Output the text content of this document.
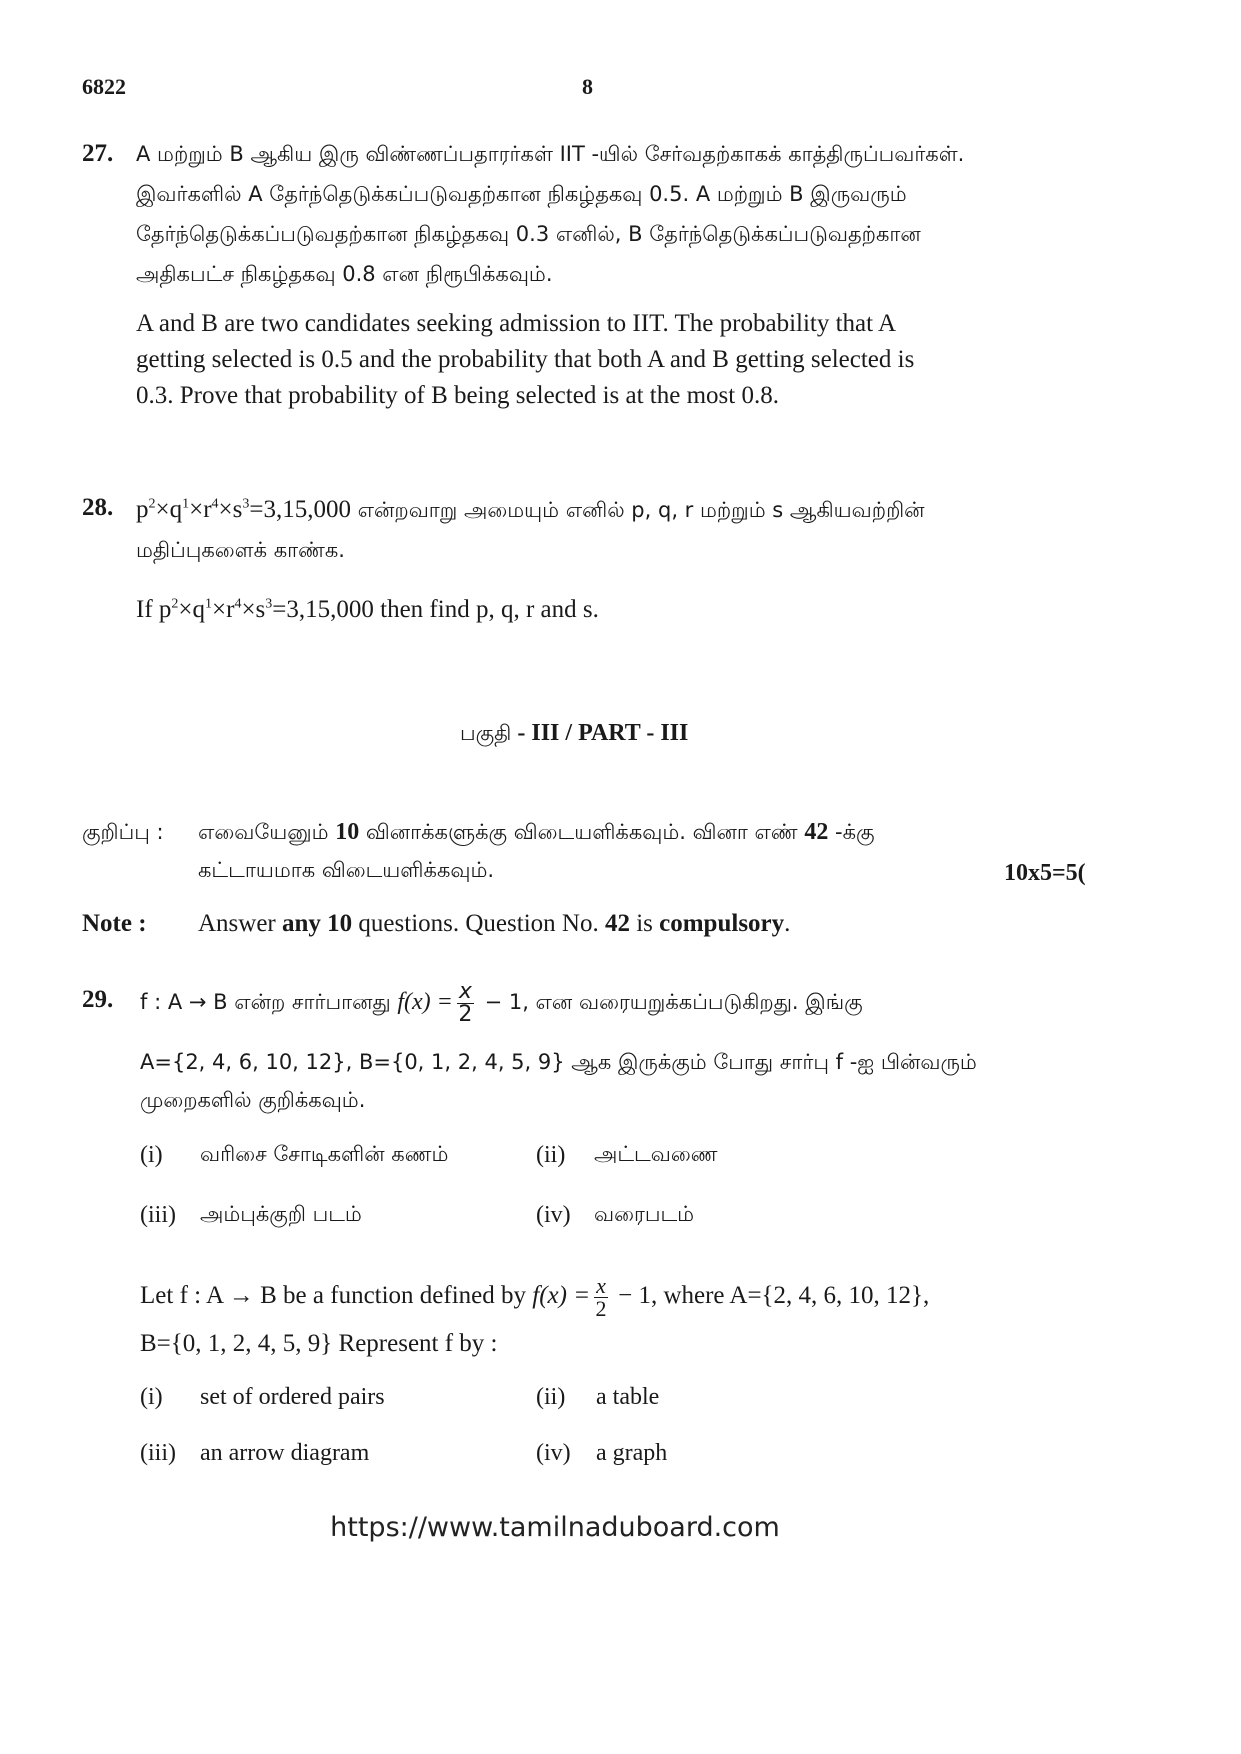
6822	8
27. A மற்றும் B ஆகிய இரு விண்ணப்பதாரர்கள் IIT -யில் சேர்வதற்காகக் காத்திருப்பவர்கள்.
இவர்களில் A தேர்ந்தெடுக்கப்படுவதற்கான நிகழ்தகவு 0.5. A மற்றும் B இருவரும்
தேர்ந்தெடுக்கப்படுவதற்கான நிகழ்தகவு 0.3 எனில், B தேர்ந்தெடுக்கப்படுவதற்கான
அதிகபட்ச நிகழ்தகவு 0.8 என நிரூபிக்கவும்.
A and B are two candidates seeking admission to IIT. The probability that A
getting selected is 0.5 and the probability that both A and B getting selected is
0.3. Prove that probability of B being selected is at the most 0.8.
28. $p^2\times q^1\times r^4\times s^3=3,15,000$ என்றவாறு அமையும் எனில் p, q, r மற்றும் s ஆகியவற்றின்
மதிப்புகளைக் காண்க.
If $p^2\times q^1\times r^4\times s^3=3,15,000$ then find p, q, r and s.
பகுதி - III / PART - III
குறிப்பு : எவையேனும் 10 வினாக்களுக்கு விடையளிக்கவும். வினா எண் 42 -க்கு
கட்டாயமாக விடையளிக்கவும்.	10x5=5(
Note : Answer any 10 questions. Question No. 42 is compulsory.
29. f : A → B என்ற சார்பானது $f(x) = \frac{x}{2} - 1$, என வரையறுக்கப்படுகிறது. இங்கு
A={2, 4, 6, 10, 12}, B={0, 1, 2, 4, 5, 9} ஆக இருக்கும் போது சார்பு f -ஐ பின்வரும்
முறைகளில் குறிக்கவும்.
(i) வரிசை சோடிகளின் கணம்	(ii) அட்டவணை
(iii) அம்புக்குறி படம்	(iv) வரைபடம்
Let f : A → B be a function defined by $f(x) = \frac{x}{2} - 1$, where A={2, 4, 6, 10, 12},
B={0, 1, 2, 4, 5, 9} Represent f by :
(i) set of ordered pairs	(ii) a table
(iii) an arrow diagram	(iv) a graph
https://www.tamilnaduboard.com
